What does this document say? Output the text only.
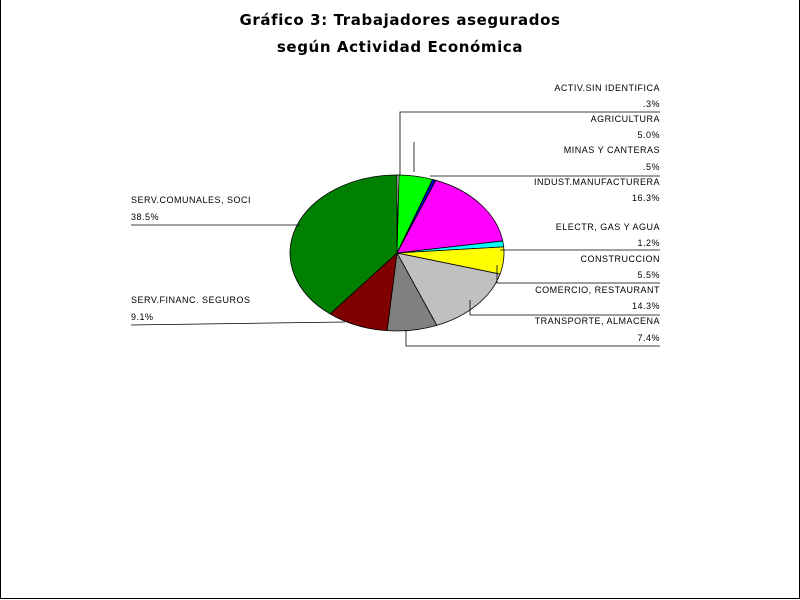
Gráfico 3: Trabajadores asegurados
según Actividad Económica
ACTIV.SIN IDENTIFICA
.3%
AGRICULTURA
5.0%
MINAS Y CANTERAS
.5%
INDUST.MANUFACTURERA
16.3%
ELECTR, GAS Y AGUA
1.2%
CONSTRUCCION
5.5%
COMERCIO, RESTAURANT
14.3%
TRANSPORTE, ALMACENA
7.4%
SERV.FINANC. SEGUROS
9.1%
SERV.COMUNALES, SOCI
38.5%
